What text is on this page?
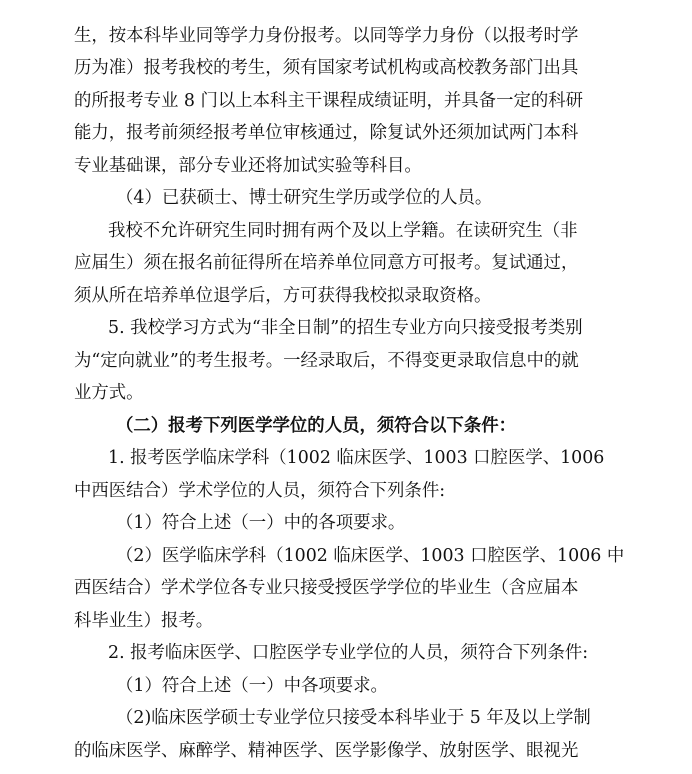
生，按本科毕业同等学力身份报考。以同等学力身份（以报考时学
历为准）报考我校的考生，须有国家考试机构或高校教务部门出具
的所报考专业 8 门以上本科主干课程成绩证明，并具备一定的科研
能力，报考前须经报考单位审核通过，除复试外还须加试两门本科
专业基础课，部分专业还将加试实验等科目。
（4）已获硕士、博士研究生学历或学位的人员。
我校不允许研究生同时拥有两个及以上学籍。在读研究生（非
应届生）须在报名前征得所在培养单位同意方可报考。复试通过，
须从所在培养单位退学后，方可获得我校拟录取资格。
5. 我校学习方式为“非全日制”的招生专业方向只接受报考类别
为“定向就业”的考生报考。一经录取后，不得变更录取信息中的就
业方式。
（二）报考下列医学学位的人员，须符合以下条件：
1. 报考医学临床学科（1002 临床医学、1003 口腔医学、1006
中西医结合）学术学位的人员，须符合下列条件:
（1）符合上述（一）中的各项要求。
（2）医学临床学科（1002 临床医学、1003 口腔医学、1006 中
西医结合）学术学位各专业只接受授医学学位的毕业生（含应届本
科毕业生）报考。
2. 报考临床医学、口腔医学专业学位的人员，须符合下列条件:
（1）符合上述（一）中各项要求。
（2)临床医学硕士专业学位只接受本科毕业于 5 年及以上学制
的临床医学、麻醉学、精神医学、医学影像学、放射医学、眼视光
